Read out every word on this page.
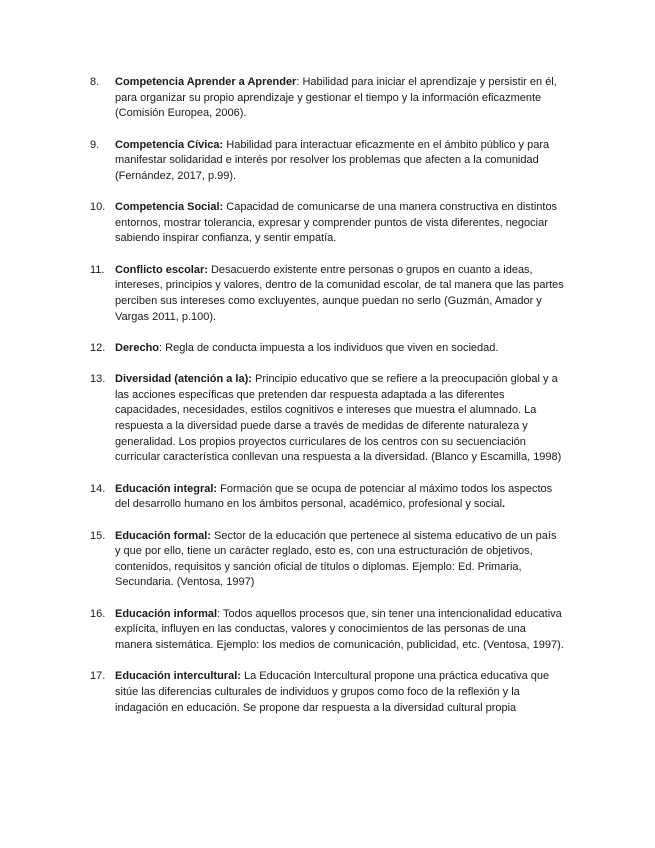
8.	Competencia Aprender a Aprender: Habilidad para iniciar el aprendizaje y persistir en él, para organizar su propio aprendizaje y gestionar el tiempo y la información eficazmente (Comisión Europea, 2006).
9.	Competencia Cívica: Habilidad para interactuar eficazmente en el ámbito público y para manifestar solidaridad e interés por resolver los problemas que afecten a la comunidad (Fernández, 2017, p.99).
10. Competencia Social: Capacidad de comunicarse de una manera constructiva en distintos entornos, mostrar tolerancia, expresar y comprender puntos de vista diferentes, negociar sabiendo inspirar confianza, y sentir empatía.
11. Conflicto escolar: Desacuerdo existente entre personas o grupos en cuanto a ideas, intereses, principios y valores, dentro de la comunidad escolar, de tal manera que las partes perciben sus intereses como excluyentes, aunque puedan no serlo (Guzmán, Amador y Vargas 2011, p.100).
12. Derecho: Regla de conducta impuesta a los individuos que viven en sociedad.
13. Diversidad (atención a la): Principio educativo que se refiere a la preocupación global y a las acciones específicas que pretenden dar respuesta adaptada a las diferentes capacidades, necesidades, estilos cognitivos e intereses que muestra el alumnado. La respuesta a la diversidad puede darse a través de medidas de diferente naturaleza y generalidad. Los propios proyectos curriculares de los centros con su secuenciación curricular característica conllevan una respuesta a la diversidad. (Blanco y Escamilla, 1998)
14. Educación integral: Formación que se ocupa de potenciar al máximo todos los aspectos del desarrollo humano en los ámbitos personal, académico, profesional y social.
15. Educación formal: Sector de la educación que pertenece al sistema educativo de un país y que por ello, tiene un carácter reglado, esto es, con una estructuración de objetivos, contenidos, requisitos y sanción oficial de títulos o diplomas. Ejemplo: Ed. Primaria, Secundaria. (Ventosa, 1997)
16. Educación informal: Todos aquellos procesos que, sin tener una intencionalidad educativa explícita, influyen en las conductas, valores y conocimientos de las personas de una manera sistemática. Ejemplo: los medios de comunicación, publicidad, etc. (Ventosa, 1997).
17. Educación intercultural: La Educación Intercultural propone una práctica educativa que sitúe las diferencias culturales de individuos y grupos como foco de la reflexión y la indagación en educación. Se propone dar respuesta a la diversidad cultural propia
